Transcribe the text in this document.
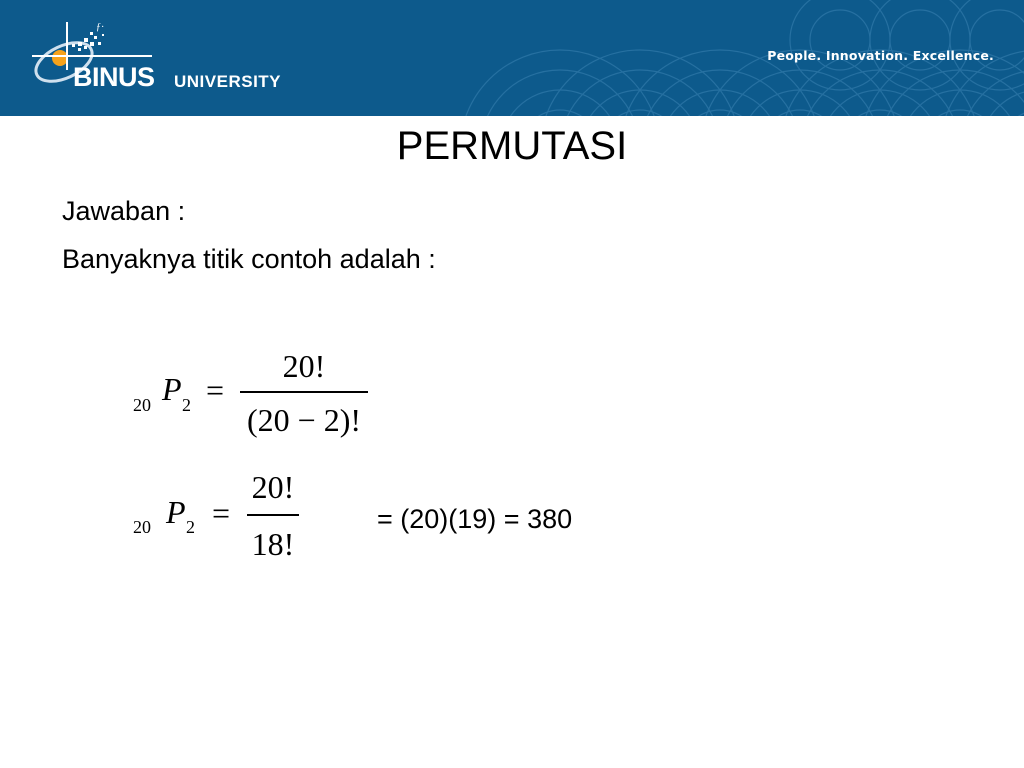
ƒ·
BINUS UNIVERSITY
People. Innovation. Excellence.
PERMUTASI
Jawaban :
Banyaknya titik contoh adalah :
20 P 2 =
20!
(20 − 2)!
20 P 2 =
20!
18!
= (20)(19) = 380
